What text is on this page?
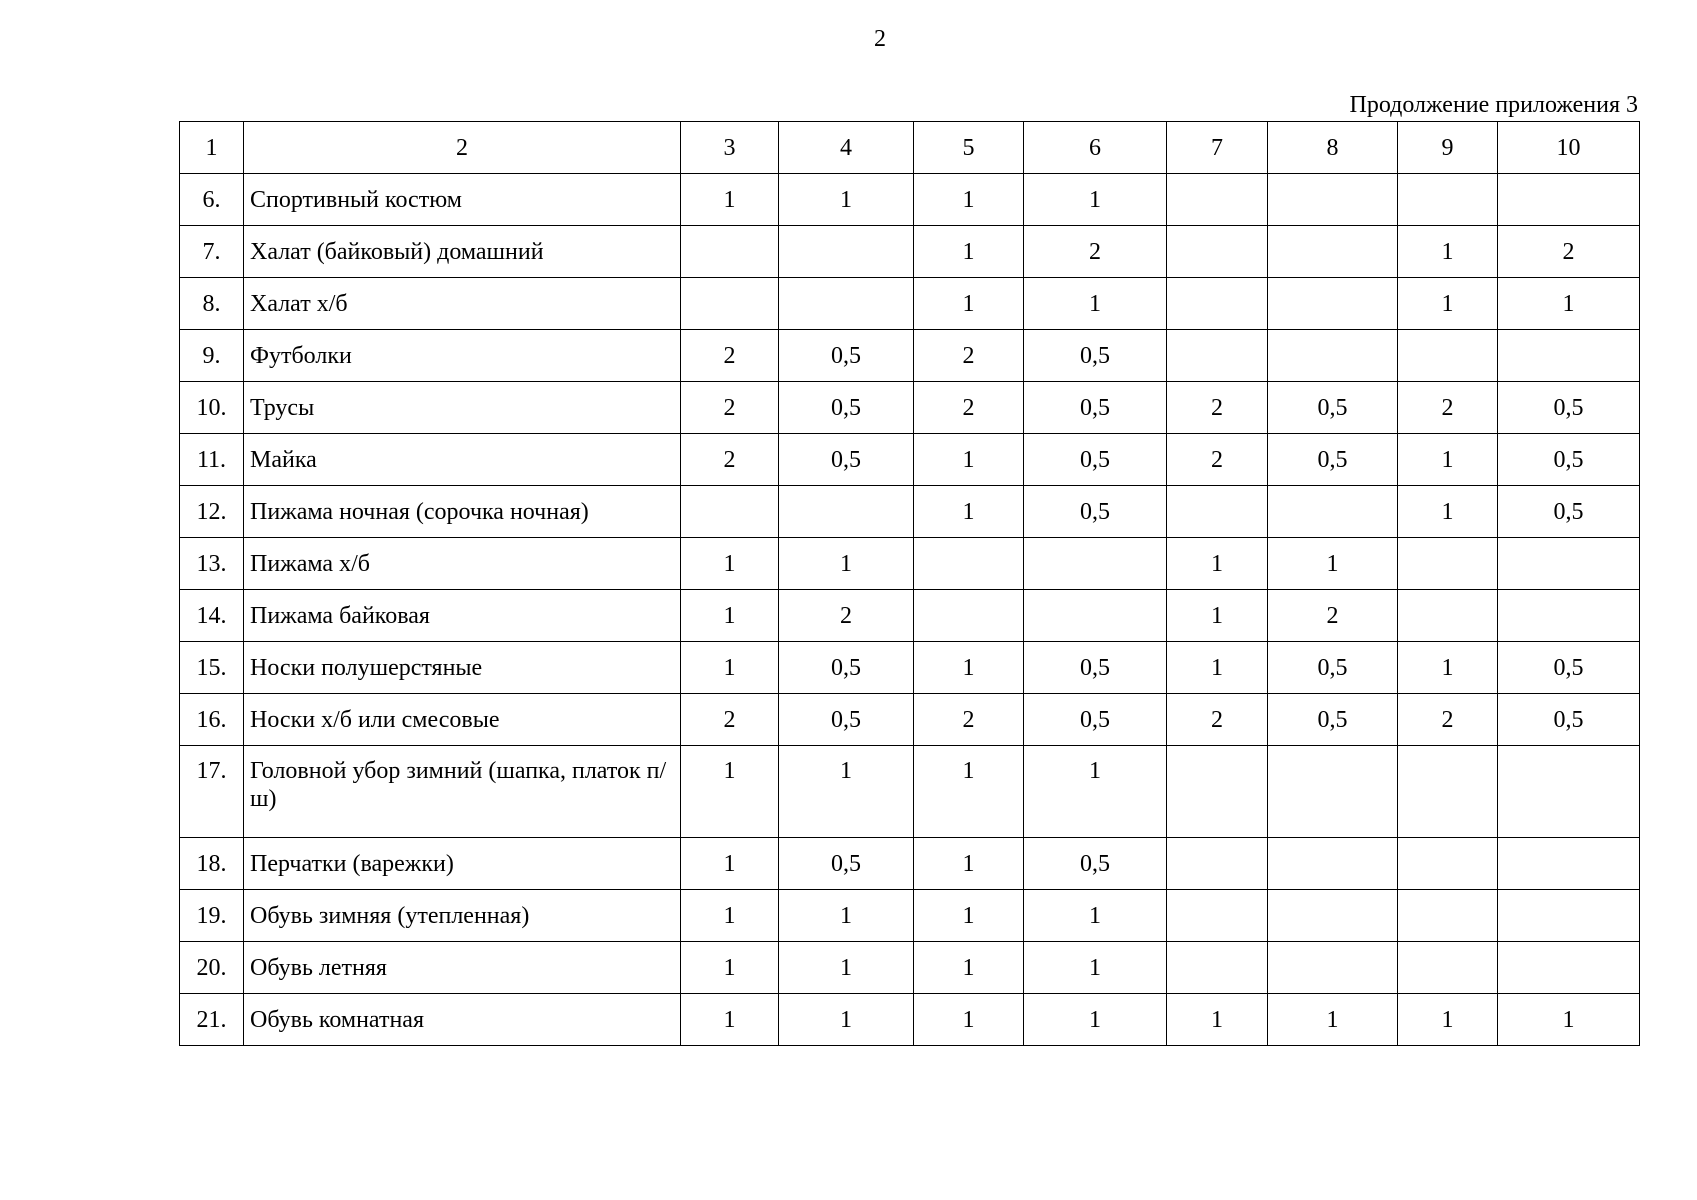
2
Продолжение приложения 3
1	2	3	4	5	6	7	8	9	10
6.	Спортивный костюм	1	1	1	1				
7.	Халат (байковый) домашний			1	2			1	2
8.	Халат х/б			1	1			1	1
9.	Футболки	2	0,5	2	0,5				
10.	Трусы	2	0,5	2	0,5	2	0,5	2	0,5
11.	Майка	2	0,5	1	0,5	2	0,5	1	0,5
12.	Пижама ночная (сорочка ночная)			1	0,5			1	0,5
13.	Пижама х/б	1	1			1	1		
14.	Пижама байковая	1	2			1	2		
15.	Носки полушерстяные	1	0,5	1	0,5	1	0,5	1	0,5
16.	Носки х/б или смесовые	2	0,5	2	0,5	2	0,5	2	0,5
17.	Головной убор зимний (шапка, платок п/ш)	1	1	1	1				
18.	Перчатки (варежки)	1	0,5	1	0,5				
19.	Обувь зимняя (утепленная)	1	1	1	1				
20.	Обувь летняя	1	1	1	1				
21.	Обувь комнатная	1	1	1	1	1	1	1	1
